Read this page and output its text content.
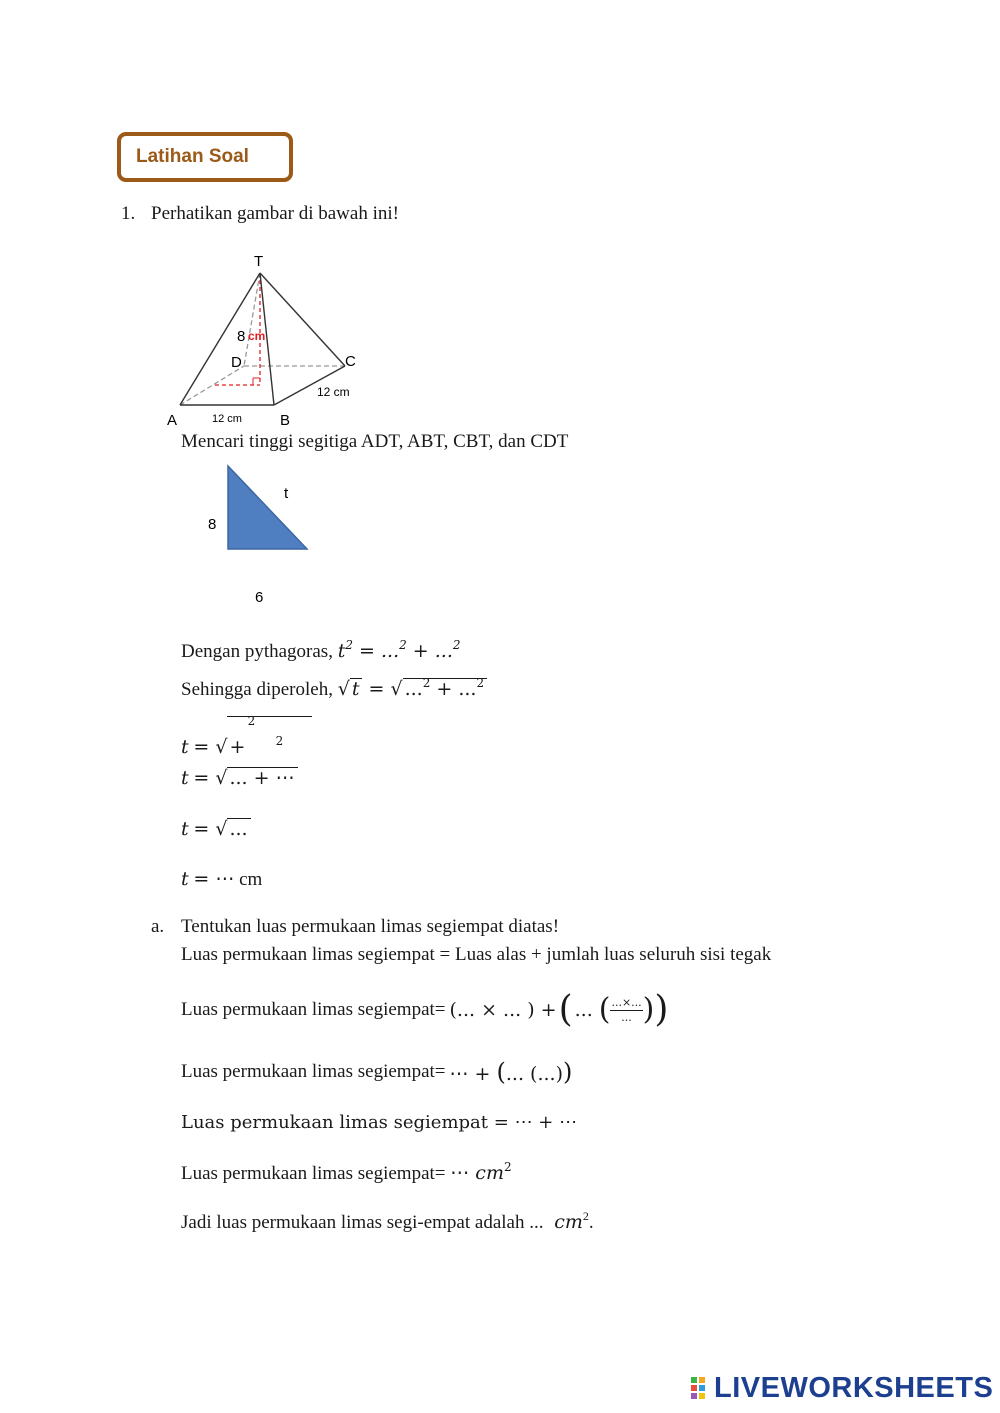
Latihan Soal
1. Perhatikan gambar di bawah ini!
T
A	B
C
D
8 cm
12 cm
12 cm
Mencari tinggi segitiga ADT, ABT, CBT, dan CDT
8
t
6
Dengan pythagoras, $t^2 = ...^2 + ...^2$
Sehingga diperoleh, √ t = √ ...$^2$ + ...$^2$
t = √   $^2$ +     $^2$
t = √ ... + ⋯
t = √ ...
t = ⋯ cm
a. Tentukan luas permukaan limas segiempat diatas!
Luas permukaan limas segiempat = Luas alas + jumlah luas seluruh sisi tegak
Luas permukaan limas segiempat= (... × ... ) + ( ... ( ...×...
... ) )
Luas permukaan limas segiempat= ⋯ + (... (...))
Luas permukaan limas segiempat = ⋯ + ⋯
Luas permukaan limas segiempat= ⋯ $cm^2$
Jadi luas permukaan limas segi-empat adalah ...  $cm^2$.
LIVEWORKSHEETS
